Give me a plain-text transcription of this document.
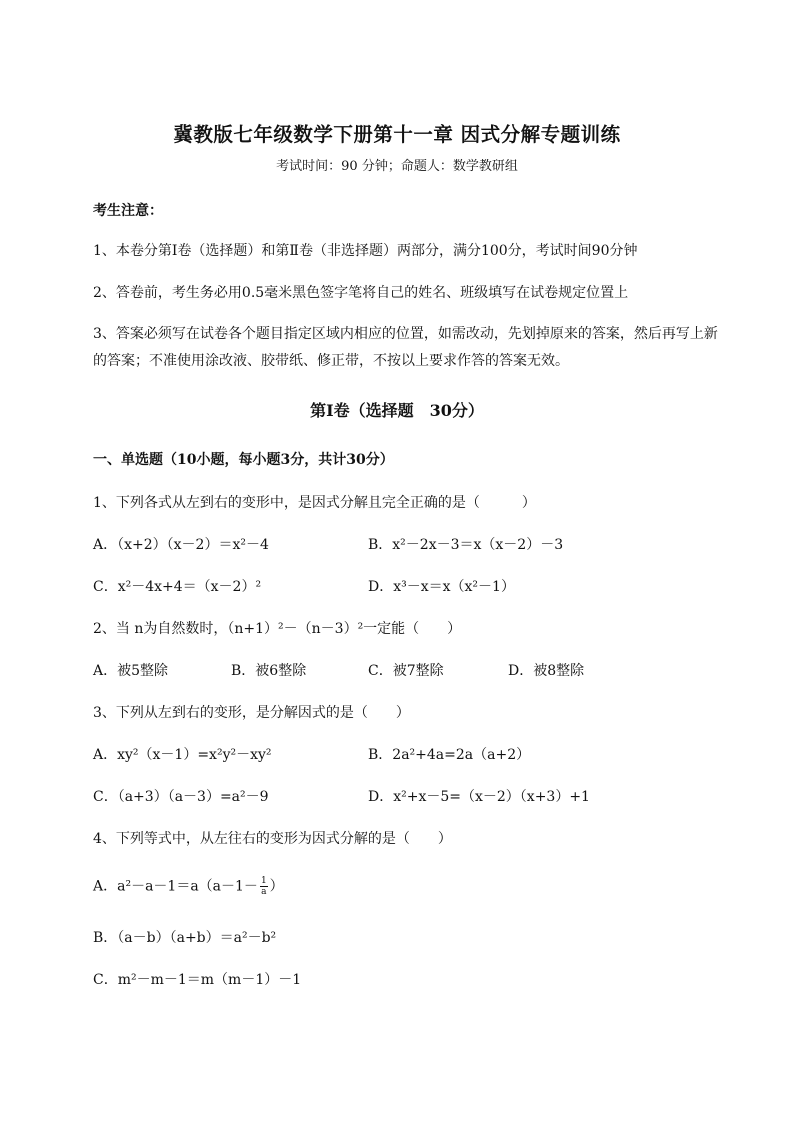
冀教版七年级数学下册第十一章 因式分解专题训练
考试时间：90 分钟；命题人：数学教研组
考生注意：
1、本卷分第Ⅰ卷（选择题）和第Ⅱ卷（非选择题）两部分，满分100分，考试时间90分钟
2、答卷前，考生务必用0.5毫米黑色签字笔将自己的姓名、班级填写在试卷规定位置上
3、答案必须写在试卷各个题目指定区域内相应的位置，如需改动，先划掉原来的答案，然后再写上新
的答案；不准使用涂改液、胶带纸、修正带，不按以上要求作答的答案无效。
第Ⅰ卷（选择题　30分）
一、单选题（10小题，每小题3分，共计30分）
1、下列各式从左到右的变形中，是因式分解且完全正确的是（　　　）
A．（x+2）（x－2）＝x²－4	B．x²－2x－3＝x（x－2）－3
C．x²－4x+4＝（x－2）²	D．x³－x＝x（x²－1）
2、当 n为自然数时，（n+1）²－（n－3）²一定能（　　）
A．被5整除	B．被6整除	C．被7整除	D．被8整除
3、下列从左到右的变形，是分解因式的是（　　）
A．xy²（x－1）=x²y²－xy²	B．2a²+4a=2a（a+2）
C．（a+3）（a－3）=a²－9	D．x²+x－5=（x－2）（x+3）+1
4、下列等式中，从左往右的变形为因式分解的是（　　）
A．$a^2-a-1=a(a-1- \frac{1}{a}$ ）
B．（a－b）（a+b）＝a²－b²
C．m²－m－1＝m（m－1）－1
